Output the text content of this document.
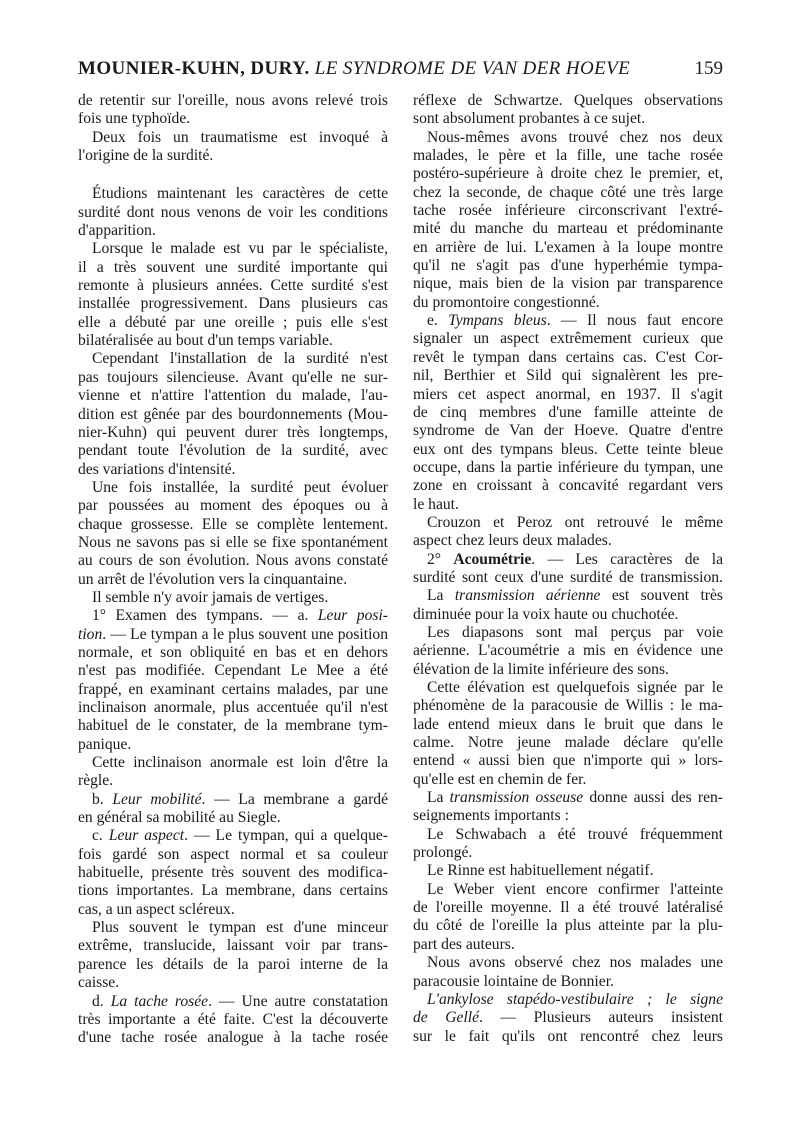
MOUNIER-KUHN, DURY. LE SYNDROME DE VAN DER HOEVE	159
de retentir sur l'oreille, nous avons relevé trois
fois une typhoïde.
Deux fois un traumatisme est invoqué à
l'origine de la surdité.
Étudions maintenant les caractères de cette
surdité dont nous venons de voir les conditions
d'apparition.
Lorsque le malade est vu par le spécialiste,
il a très souvent une surdité importante qui
remonte à plusieurs années. Cette surdité s'est
installée progressivement. Dans plusieurs cas
elle a débuté par une oreille ; puis elle s'est
bilatéralisée au bout d'un temps variable.
Cependant l'installation de la surdité n'est
pas toujours silencieuse. Avant qu'elle ne sur-
vienne et n'attire l'attention du malade, l'au-
dition est gênée par des bourdonnements (Mou-
nier-Kuhn) qui peuvent durer très longtemps,
pendant toute l'évolution de la surdité, avec
des variations d'intensité.
Une fois installée, la surdité peut évoluer
par poussées au moment des époques ou à
chaque grossesse. Elle se complète lentement.
Nous ne savons pas si elle se fixe spontanément
au cours de son évolution. Nous avons constaté
un arrêt de l'évolution vers la cinquantaine.
Il semble n'y avoir jamais de vertiges.
1° Examen des tympans. — a. Leur posi-
tion. — Le tympan a le plus souvent une position
normale, et son obliquité en bas et en dehors
n'est pas modifiée. Cependant Le Mee a été
frappé, en examinant certains malades, par une
inclinaison anormale, plus accentuée qu'il n'est
habituel de le constater, de la membrane tym-
panique.
Cette inclinaison anormale est loin d'être la
règle.
b. Leur mobilité. — La membrane a gardé
en général sa mobilité au Siegle.
c. Leur aspect. — Le tympan, qui a quelque-
fois gardé son aspect normal et sa couleur
habituelle, présente très souvent des modifica-
tions importantes. La membrane, dans certains
cas, a un aspect scléreux.
Plus souvent le tympan est d'une minceur
extrême, translucide, laissant voir par trans-
parence les détails de la paroi interne de la
caisse.
d. La tache rosée. — Une autre constatation
très importante a été faite. C'est la découverte
d'une tache rosée analogue à la tache rosée
réflexe de Schwartze. Quelques observations
sont absolument probantes à ce sujet.
Nous-mêmes avons trouvé chez nos deux
malades, le père et la fille, une tache rosée
postéro-supérieure à droite chez le premier, et,
chez la seconde, de chaque côté une très large
tache rosée inférieure circonscrivant l'extré-
mité du manche du marteau et prédominante
en arrière de lui. L'examen à la loupe montre
qu'il ne s'agit pas d'une hyperhémie tympa-
nique, mais bien de la vision par transparence
du promontoire congestionné.
e. Tympans bleus. — Il nous faut encore
signaler un aspect extrêmement curieux que
revêt le tympan dans certains cas. C'est Cor-
nil, Berthier et Sild qui signalèrent les pre-
miers cet aspect anormal, en 1937. Il s'agit
de cinq membres d'une famille atteinte de
syndrome de Van der Hoeve. Quatre d'entre
eux ont des tympans bleus. Cette teinte bleue
occupe, dans la partie inférieure du tympan, une
zone en croissant à concavité regardant vers
le haut.
Crouzon et Peroz ont retrouvé le même
aspect chez leurs deux malades.
2° Acoumétrie. — Les caractères de la
surdité sont ceux d'une surdité de transmission.
La transmission aérienne est souvent très
diminuée pour la voix haute ou chuchotée.
Les diapasons sont mal perçus par voie
aérienne. L'acoumétrie a mis en évidence une
élévation de la limite inférieure des sons.
Cette élévation est quelquefois signée par le
phénomène de la paracousie de Willis : le ma-
lade entend mieux dans le bruit que dans le
calme. Notre jeune malade déclare qu'elle
entend « aussi bien que n'importe qui » lors-
qu'elle est en chemin de fer.
La transmission osseuse donne aussi des ren-
seignements importants :
Le Schwabach a été trouvé fréquemment
prolongé.
Le Rinne est habituellement négatif.
Le Weber vient encore confirmer l'atteinte
de l'oreille moyenne. Il a été trouvé latéralisé
du côté de l'oreille la plus atteinte par la plu-
part des auteurs.
Nous avons observé chez nos malades une
paracousie lointaine de Bonnier.
L'ankylose stapédo-vestibulaire ; le signe
de Gellé. — Plusieurs auteurs insistent
sur le fait qu'ils ont rencontré chez leurs
